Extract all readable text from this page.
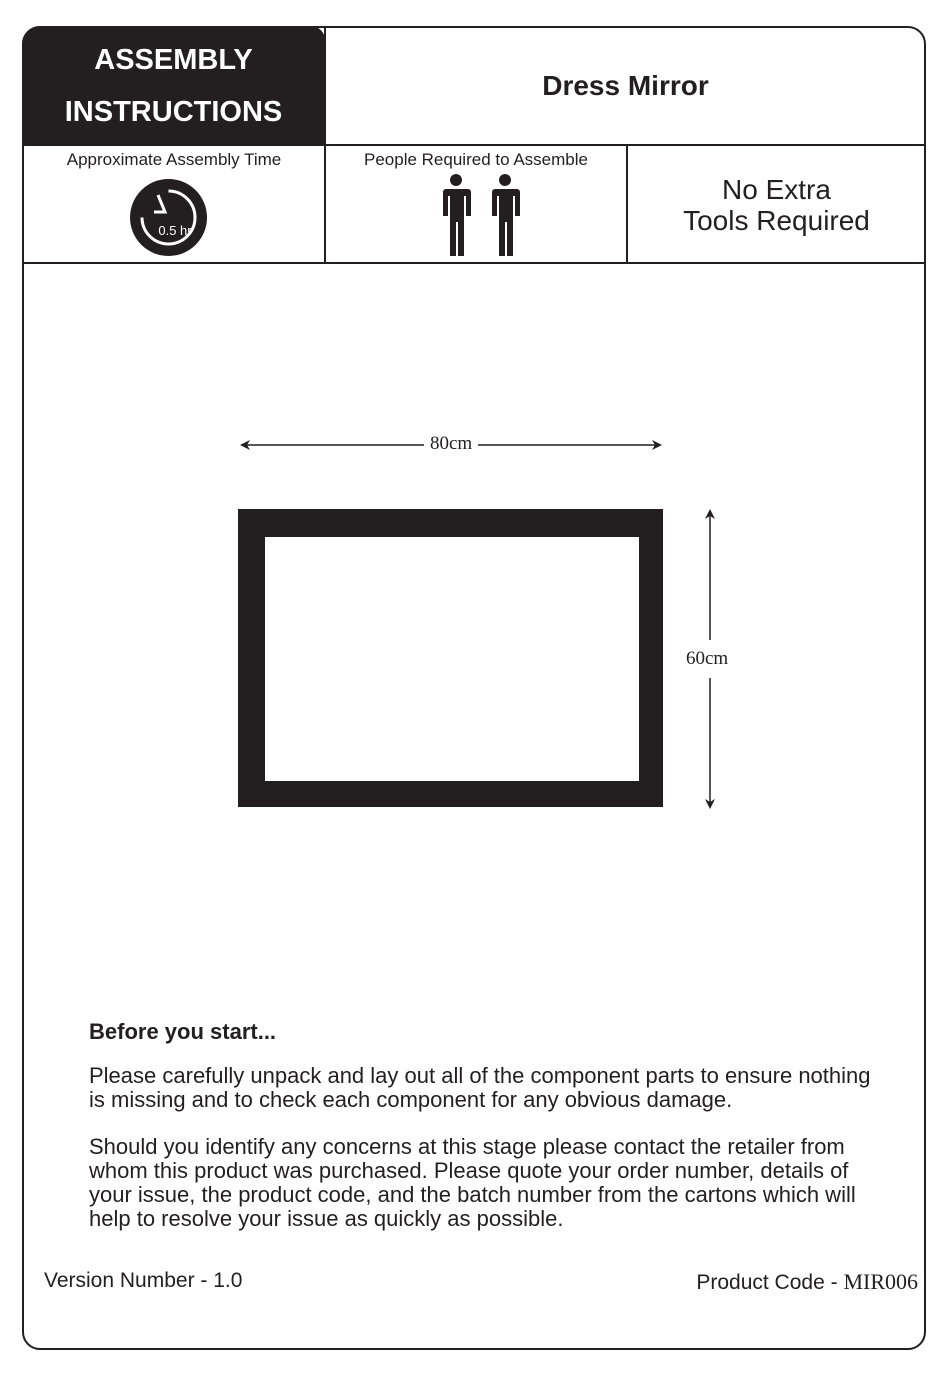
ASSEMBLY
INSTRUCTIONS
Dress Mirror
Approximate Assembly Time
0.5 hr
People Required to Assemble
No Extra
Tools Required
80cm
60cm
Before you start...

Please carefully unpack and lay out all of the component parts to ensure nothing is missing and to check each component for any obvious damage.

Should you identify any concerns at this stage please contact the retailer from whom this product was purchased. Please quote your order number, details of your issue, the product code, and the batch number from the cartons which will help to resolve your issue as quickly as possible.

Version Number - 1.0	Product Code - MIR006
